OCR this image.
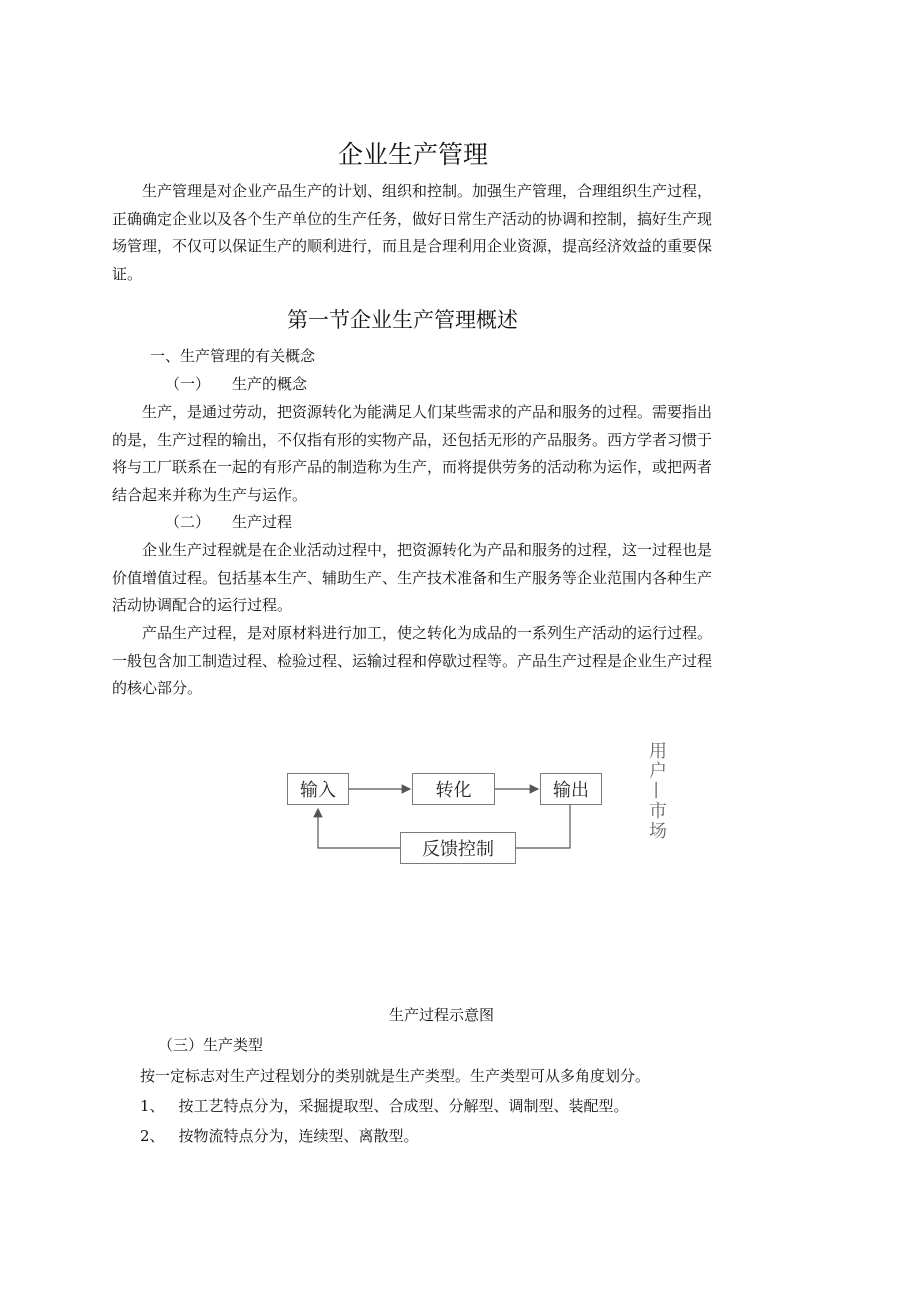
企业生产管理
生产管理是对企业产品生产的计划、组织和控制。加强生产管理，合理组织生产过程，正确确定企业以及各个生产单位的生产任务，做好日常生产活动的协调和控制，搞好生产现场管理，不仅可以保证生产的顺利进行，而且是合理利用企业资源，提高经济效益的重要保证。
第一节企业生产管理概述
一、生产管理的有关概念
（一） 生产的概念
生产，是通过劳动，把资源转化为能满足人们某些需求的产品和服务的过程。需要指出的是，生产过程的输出，不仅指有形的实物产品，还包括无形的产品服务。西方学者习惯于将与工厂联系在一起的有形产品的制造称为生产，而将提供劳务的活动称为运作，或把两者结合起来并称为生产与运作。
（二） 生产过程
企业生产过程就是在企业活动过程中，把资源转化为产品和服务的过程，这一过程也是价值增值过程。包括基本生产、辅助生产、生产技术准备和生产服务等企业范围内各种生产活动协调配合的运行过程。
产品生产过程，是对原材料进行加工，使之转化为成品的一系列生产活动的运行过程。一般包含加工制造过程、检验过程、运输过程和停歇过程等。产品生产过程是企业生产过程的核心部分。
输入	转化	输出
反馈控制
用户—市场
生产过程示意图
（三）生产类型
按一定标志对生产过程划分的类别就是生产类型。生产类型可从多角度划分。
1、 按工艺特点分为，采掘提取型、合成型、分解型、调制型、装配型。
2、 按物流特点分为，连续型、离散型。
